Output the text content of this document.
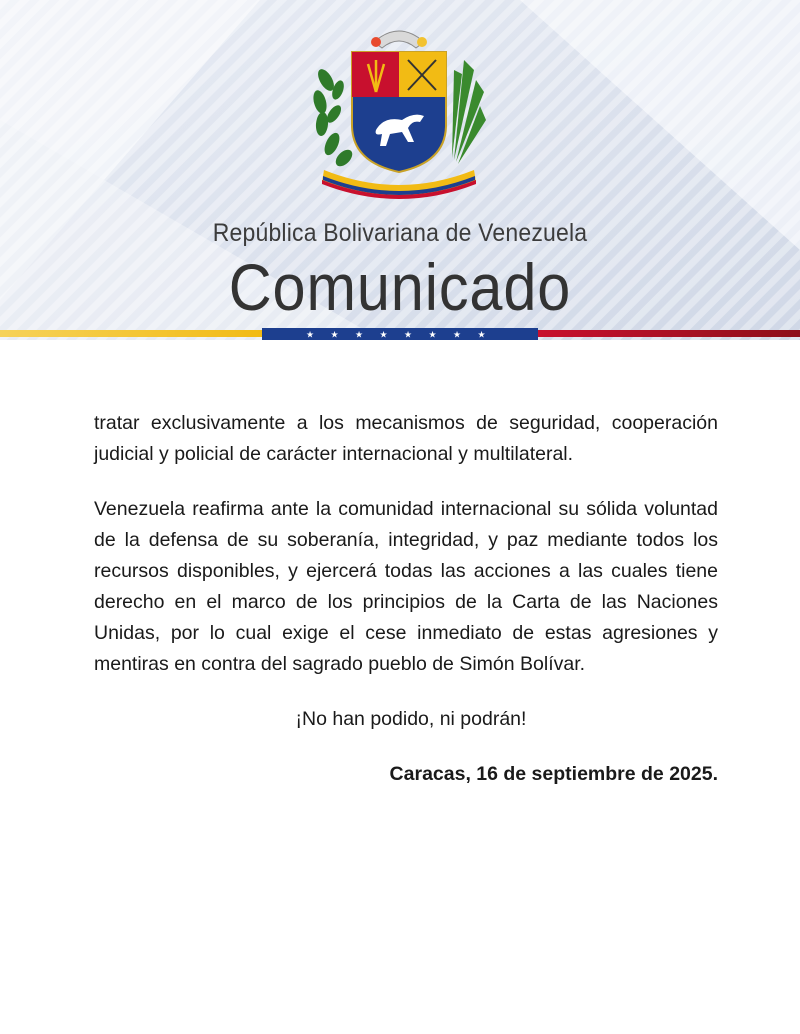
República Bolivariana de Venezuela
Comunicado
★ ★ ★ ★ ★ ★ ★ ★

tratar exclusivamente a los mecanismos de seguridad, cooperación judicial y policial de carácter internacional y multilateral.

Venezuela reafirma ante la comunidad internacional su sólida voluntad de la defensa de su soberanía, integridad, y paz mediante todos los recursos disponibles, y ejercerá todas las acciones a las cuales tiene derecho en el marco de los principios de la Carta de las Naciones Unidas, por lo cual exige el cese inmediato de estas agresiones y mentiras en contra del sagrado pueblo de Simón Bolívar.

¡No han podido, ni podrán!

Caracas, 16 de septiembre de 2025.
